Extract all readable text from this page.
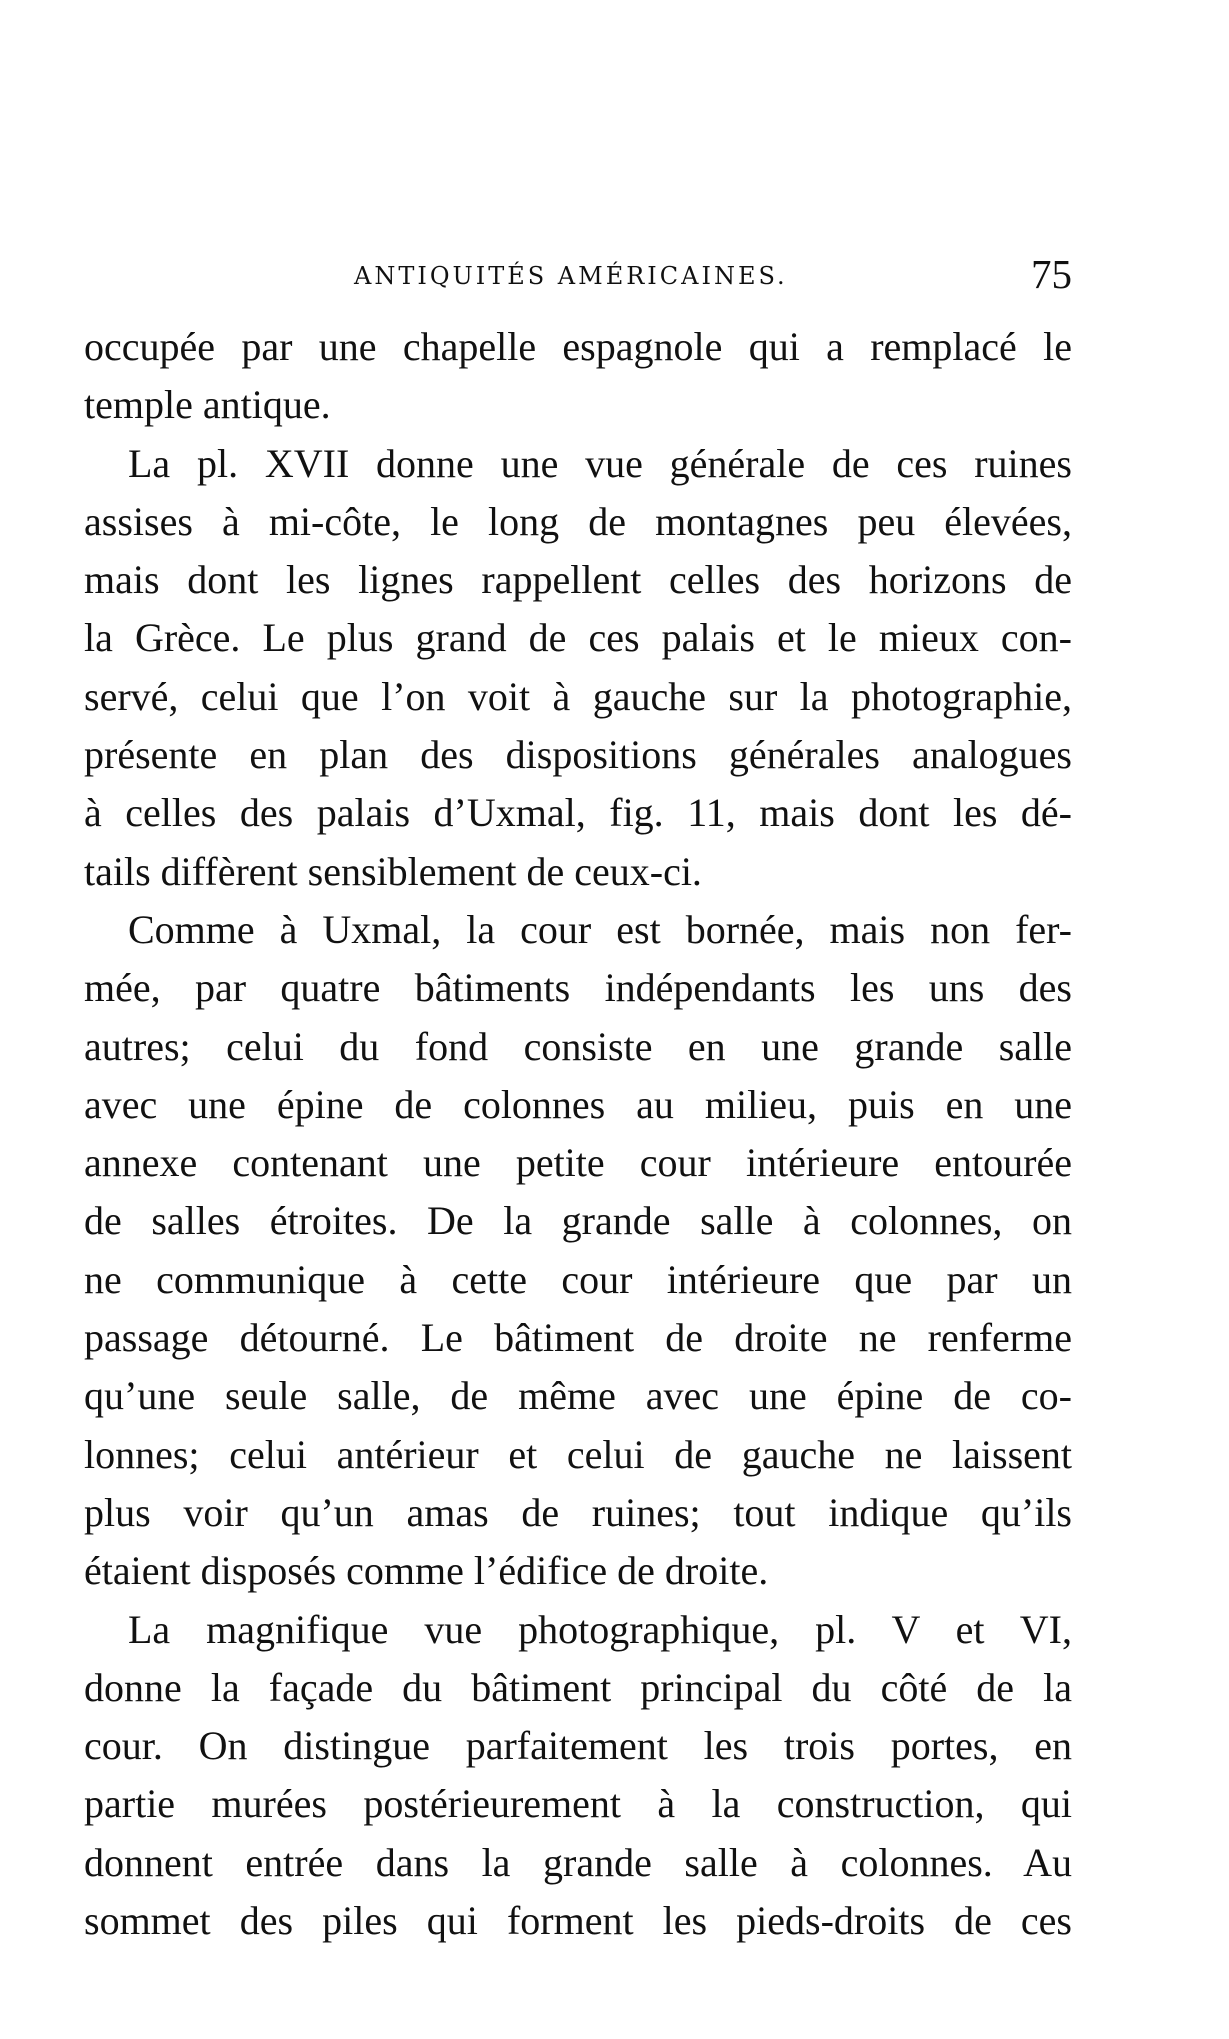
ANTIQUITÉS AMÉRICAINES.	75
occupée par une chapelle espagnole qui a remplacé le
temple antique.
La pl. XVII donne une vue générale de ces ruines
assises à mi-côte, le long de montagnes peu élevées,
mais dont les lignes rappellent celles des horizons de
la Grèce. Le plus grand de ces palais et le mieux con-
servé, celui que l’on voit à gauche sur la photographie,
présente en plan des dispositions générales analogues
à celles des palais d’Uxmal, fig. 11, mais dont les dé-
tails diffèrent sensiblement de ceux-ci.
Comme à Uxmal, la cour est bornée, mais non fer-
mée, par quatre bâtiments indépendants les uns des
autres; celui du fond consiste en une grande salle
avec une épine de colonnes au milieu, puis en une
annexe contenant une petite cour intérieure entourée
de salles étroites. De la grande salle à colonnes, on
ne communique à cette cour intérieure que par un
passage détourné. Le bâtiment de droite ne renferme
qu’une seule salle, de même avec une épine de co-
lonnes; celui antérieur et celui de gauche ne laissent
plus voir qu’un amas de ruines; tout indique qu’ils
étaient disposés comme l’édifice de droite.
La magnifique vue photographique, pl. V et VI,
donne la façade du bâtiment principal du côté de la
cour. On distingue parfaitement les trois portes, en
partie murées postérieurement à la construction, qui
donnent entrée dans la grande salle à colonnes. Au
sommet des piles qui forment les pieds-droits de ces
